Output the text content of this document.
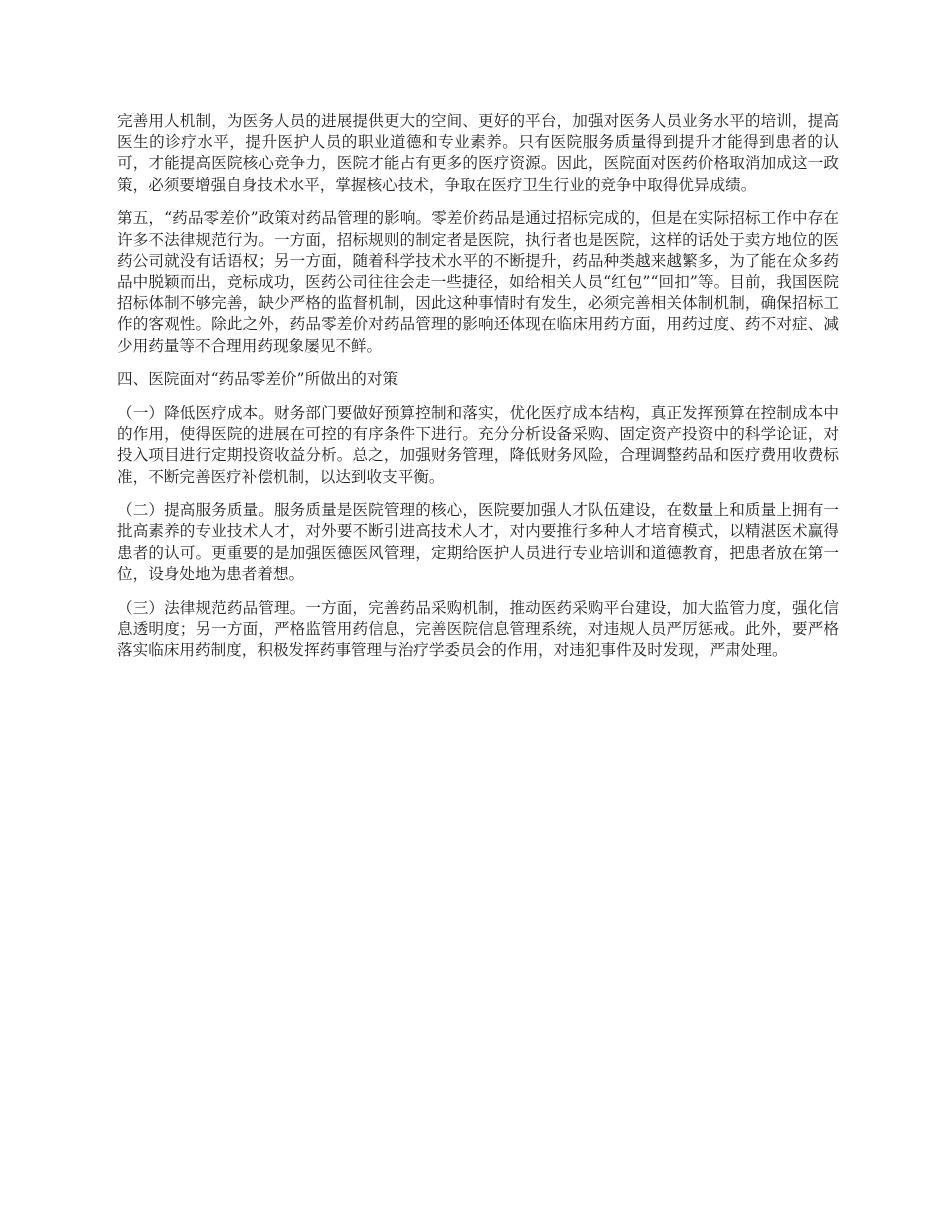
完善用人机制，为医务人员的进展提供更大的空间、更好的平台，加强对医务人员业务水平的培训，提高医生的诊疗水平，提升医护人员的职业道德和专业素养。只有医院服务质量得到提升才能得到患者的认可，才能提高医院核心竞争力，医院才能占有更多的医疗资源。因此，医院面对医药价格取消加成这一政策，必须要增强自身技术水平，掌握核心技术，争取在医疗卫生行业的竞争中取得优异成绩。

第五，“药品零差价”政策对药品管理的影响。零差价药品是通过招标完成的，但是在实际招标工作中存在许多不法律规范行为。一方面，招标规则的制定者是医院，执行者也是医院，这样的话处于卖方地位的医药公司就没有话语权；另一方面，随着科学技术水平的不断提升，药品种类越来越繁多，为了能在众多药品中脱颖而出，竞标成功，医药公司往往会走一些捷径，如给相关人员“红包”“回扣”等。目前，我国医院招标体制不够完善，缺少严格的监督机制，因此这种事情时有发生，必须完善相关体制机制，确保招标工作的客观性。除此之外，药品零差价对药品管理的影响还体现在临床用药方面，用药过度、药不对症、减少用药量等不合理用药现象屡见不鲜。

四、医院面对“药品零差价”所做出的对策

（一）降低医疗成本。财务部门要做好预算控制和落实，优化医疗成本结构，真正发挥预算在控制成本中的作用，使得医院的进展在可控的有序条件下进行。充分分析设备采购、固定资产投资中的科学论证，对投入项目进行定期投资收益分析。总之，加强财务管理，降低财务风险，合理调整药品和医疗费用收费标准，不断完善医疗补偿机制，以达到收支平衡。

（二）提高服务质量。服务质量是医院管理的核心，医院要加强人才队伍建设，在数量上和质量上拥有一批高素养的专业技术人才，对外要不断引进高技术人才，对内要推行多种人才培育模式，以精湛医术赢得患者的认可。更重要的是加强医德医风管理，定期给医护人员进行专业培训和道德教育，把患者放在第一位，设身处地为患者着想。

（三）法律规范药品管理。一方面，完善药品采购机制，推动医药采购平台建设，加大监管力度，强化信息透明度；另一方面，严格监管用药信息，完善医院信息管理系统，对违规人员严厉惩戒。此外，要严格落实临床用药制度，积极发挥药事管理与治疗学委员会的作用，对违犯事件及时发现，严肃处理。
